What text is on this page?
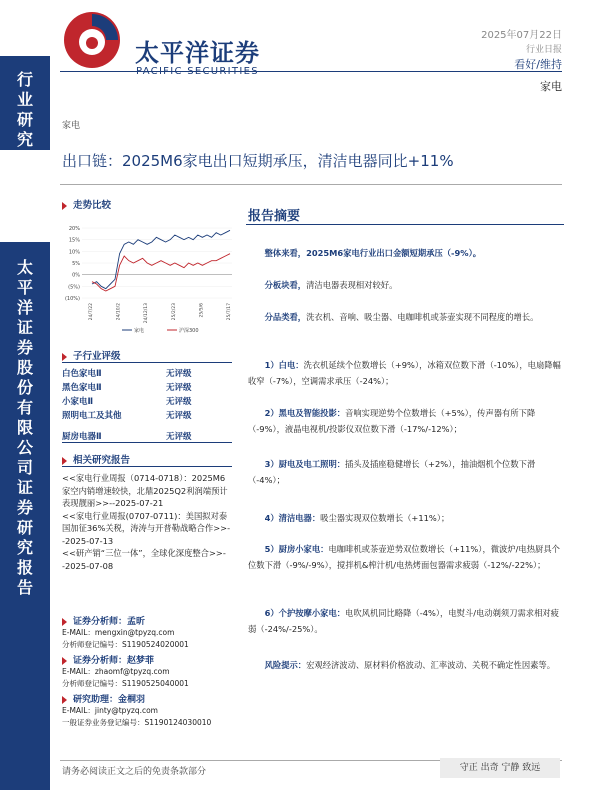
行
业
研
究
太
平
洋
证
券
股
份
有
限
公
司
证
券
研
究
报
告
太平洋证券
2025年07月22日
行业日报
看好/维持
家电
家电
出口链：2025M6家电出口短期承压，清洁电器同比+11%
走势比较
20%
15%
10%
5%
0%
(5%)
(10%)
24/7/22	24/10/2	24/12/13	25/2/23	25/5/6	25/7/17
家电	沪深300
子行业评级
白色家电Ⅱ	无评级
黑色家电Ⅱ	无评级
小家电Ⅱ	无评级
照明电工及其他	无评级
厨房电器Ⅱ	无评级
相关研究报告
<<家电行业周报（0714-0718）：2025M6家空内销增速较快，北鼎2025Q2利润端预计表现靓丽>>--2025-07-21
<<家电行业周报(0707-0711)：美国拟对泰国加征36%关税，涛涛与开普勒战略合作>>--2025-07-13
<<研产销“三位一体”，全球化深度整合>>--2025-07-08
证券分析师：孟昕
E-MAIL：mengxin@tpyzq.com
分析师登记编号：S1190524020001
证券分析师：赵梦菲
E-MAIL：zhaomf@tpyzq.com
分析师登记编号：S1190525040001
研究助理：金桐羽
E-MAIL：jinty@tpyzq.com
一般证券业务登记编号：S1190124030010
报告摘要
整体来看，2025M6家电行业出口金额短期承压（-9%）。
分板块看，清洁电器表现相对较好。
分品类看，洗衣机、音响、吸尘器、电咖啡机或茶壶实现不同程度的增长。
1）白电：洗衣机延续个位数增长（+9%），冰箱双位数下滑（-10%），电扇降幅收窄（-7%），空调需求承压（-24%）；
2）黑电及智能投影：音响实现逆势个位数增长（+5%），传声器有所下降（-9%），液晶电视机/投影仪双位数下滑（-17%/-12%）；
3）厨电及电工照明：插头及插座稳健增长（+2%），抽油烟机个位数下滑（-4%）；
4）清洁电器：吸尘器实现双位数增长（+11%）；
5）厨房小家电：电咖啡机或茶壶逆势双位数增长（+11%），微波炉/电热厨具个位数下滑（-9%/-9%），搅拌机&榨汁机/电热烤面包器需求疲弱（-12%/-22%）；
6）个护按摩小家电：电吹风机同比略降（-4%），电熨斗/电动剃须刀需求相对疲弱（-24%/-25%）。
风险提示：宏观经济波动、原材料价格波动、汇率波动、关税不确定性因素等。
请务必阅读正文之后的免责条款部分	守正 出奇 宁静 致远
